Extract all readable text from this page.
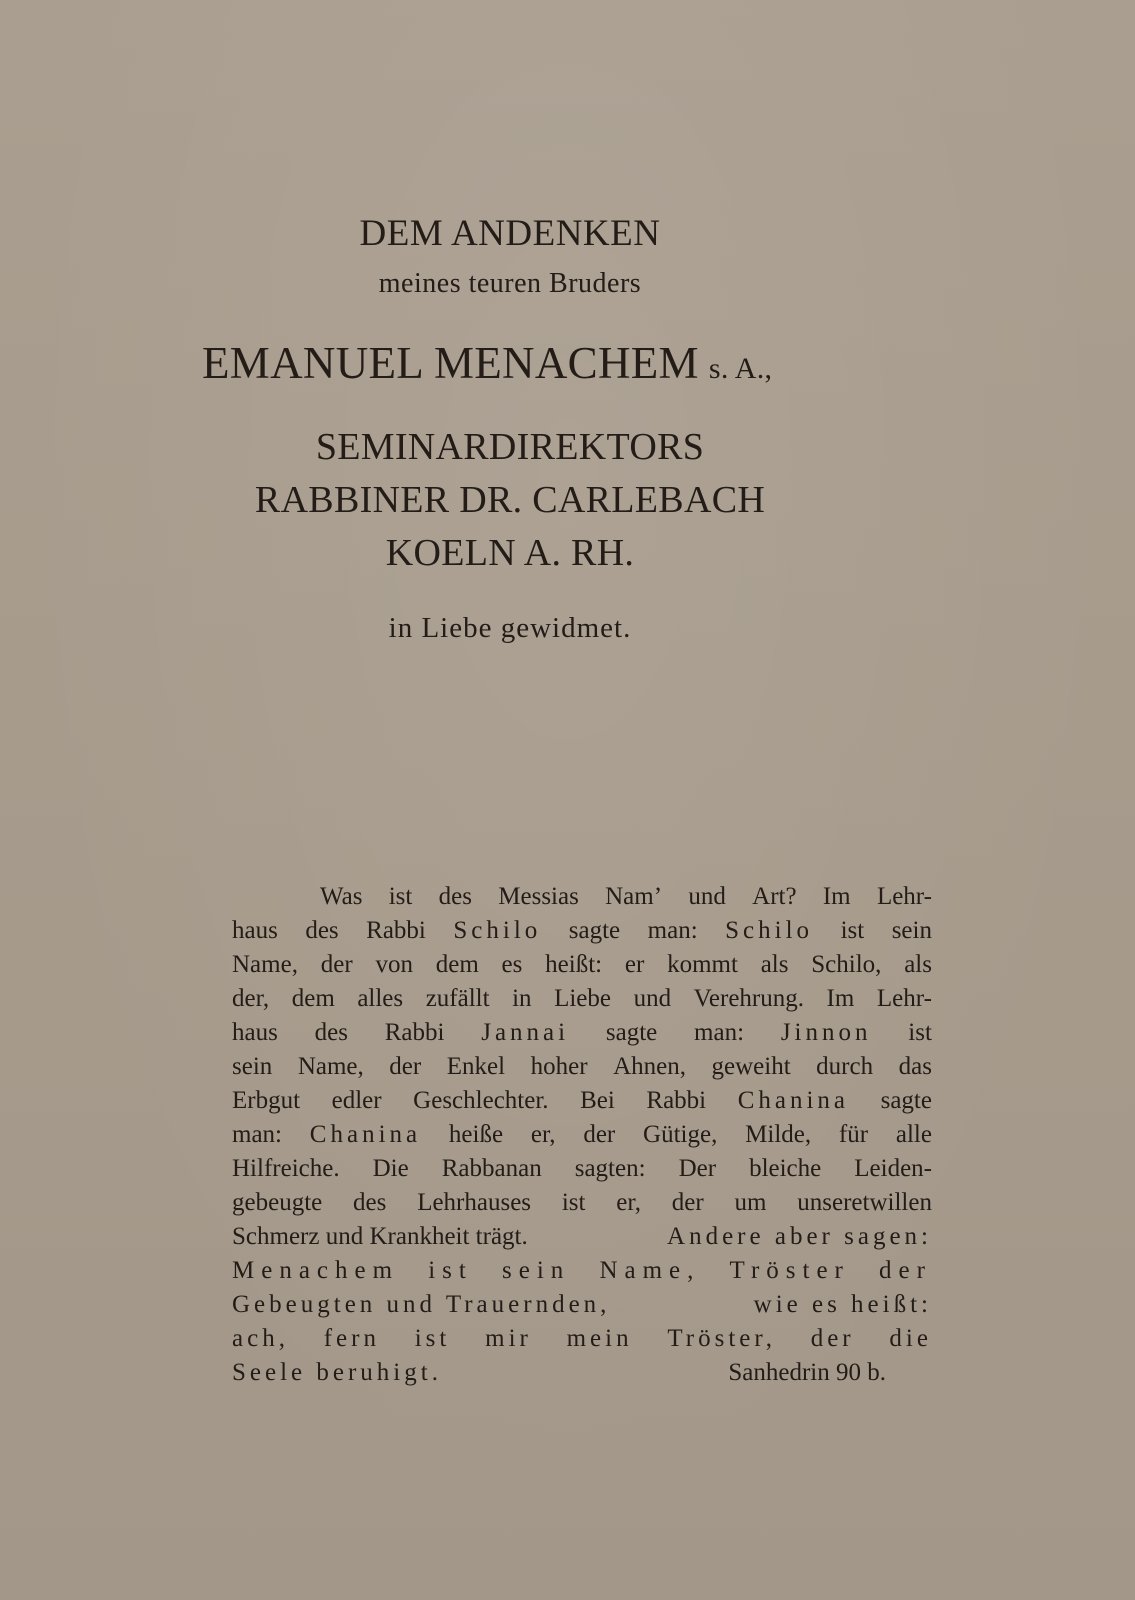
DEM ANDENKEN
meines teuren Bruders
EMANUEL MENACHEM s. A.,
SEMINARDIREKTORS
RABBINER DR. CARLEBACH
KOELN A. RH.
in Liebe gewidmet.
Was ist des Messias Nam’ und Art? Im Lehr-
haus des Rabbi Schilo sagte man: Schilo ist sein
Name, der von dem es heißt: er kommt als Schilo, als
der, dem alles zufällt in Liebe und Verehrung. Im Lehr-
haus des Rabbi Jannai sagte man: Jinnon ist
sein Name, der Enkel hoher Ahnen, geweiht durch das
Erbgut edler Geschlechter. Bei Rabbi Chanina sagte
man: Chanina heiße er, der Gütige, Milde, für alle
Hilfreiche. Die Rabbanan sagten: Der bleiche Leiden-
gebeugte des Lehrhauses ist er, der um unseretwillen
Schmerz und Krankheit trägt.	Andere aber sagen:
Menachem ist sein Name, Tröster der
Gebeugten und Trauernden,	wie es heißt:
ach, fern ist mir mein Tröster, der die
Seele beruhigt.	Sanhedrin 90 b.
